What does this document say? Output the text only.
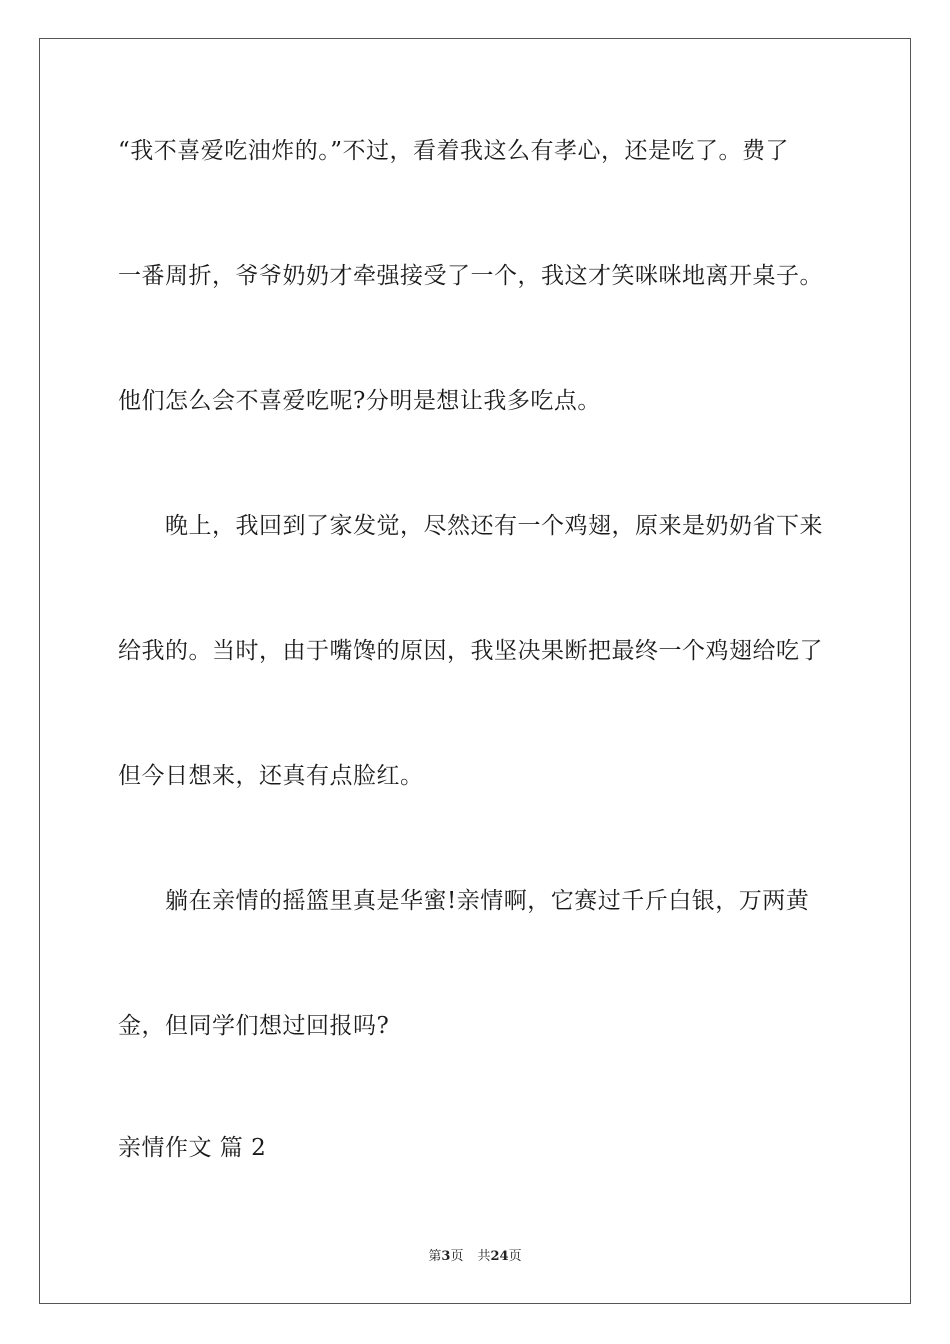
“我不喜爱吃油炸的。”不过，看着我这么有孝心，还是吃了。费了
一番周折，爷爷奶奶才牵强接受了一个，我这才笑咪咪地离开桌子。
他们怎么会不喜爱吃呢?分明是想让我多吃点。
晚上，我回到了家发觉，尽然还有一个鸡翅，原来是奶奶省下来
给我的。当时，由于嘴馋的原因，我坚决果断把最终一个鸡翅给吃了
但今日想来，还真有点脸红。
躺在亲情的摇篮里真是华蜜!亲情啊，它赛过千斤白银，万两黄
金，但同学们想过回报吗?
亲情作文 篇 2
第3页 共24页
